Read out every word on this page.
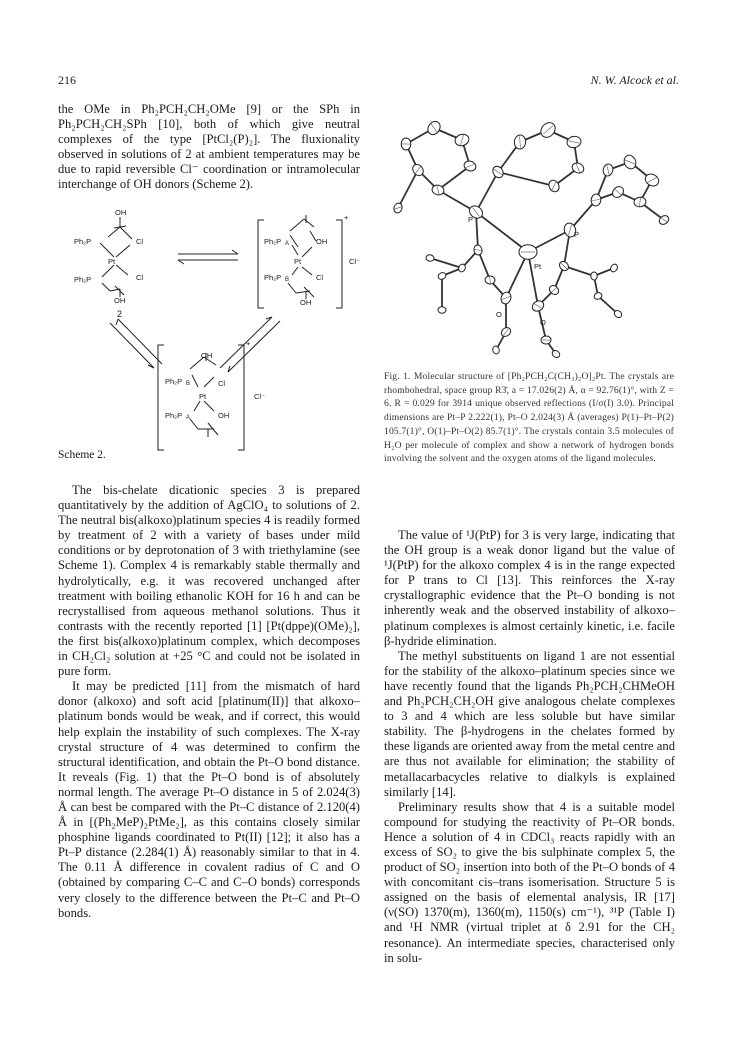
216	N. W. Alcock et al.

the OMe in Ph₂PCH₂CH₂OMe [9] or the SPh in Ph₂PCH₂CH₂SPh [10], both of which give neutral complexes of the type [PtCl₂(P)₂]. The fluxionality observed in solutions of 2 at ambient temperatures may be due to rapid reversible Cl⁻ coordination or intramolecular interchange of OH donors (Scheme 2).

OH
Ph₂P	Cl
Pt
Ph₂P	Cl
OH
2
+
Ph₂P A	OH
Pt	Cl⁻
Ph₂P B	Cl
OH
OH
+
Ph₂P B	Cl
Pt	Cl⁻
Ph₂P A	OH
Scheme 2.

The bis-chelate dicationic species 3 is prepared quantitatively by the addition of AgClO₄ to solutions of 2. The neutral bis(alkoxo)platinum species 4 is readily formed by treatment of 2 with a variety of bases under mild conditions or by deprotonation of 3 with triethylamine (see Scheme 1). Complex 4 is remarkably stable thermally and hydrolytically, e.g. it was recovered unchanged after treatment with boiling ethanolic KOH for 16 h and can be recrystallised from aqueous methanol solutions. Thus it contrasts with the recently reported [1] [Pt(dppe)(OMe)₂], the first bis(alkoxo)platinum complex, which decomposes in CH₂Cl₂ solution at +25 °C and could not be isolated in pure form.

It may be predicted [11] from the mismatch of hard donor (alkoxo) and soft acid [platinum(II)] that alkoxo–platinum bonds would be weak, and if correct, this would help explain the instability of such complexes. The X-ray crystal structure of 4 was determined to confirm the structural identification, and obtain the Pt–O bond distance. It reveals (Fig. 1) that the Pt–O bond is of absolutely normal length. The average Pt–O distance in 5 of 2.024(3) Å can best be compared with the Pt–C distance of 2.120(4) Å in [(Ph₂MeP)₂PtMe₂], as this contains closely similar phosphine ligands coordinated to Pt(II) [12]; it also has a Pt–P distance (2.284(1) Å) reasonably similar to that in 4. The 0.11 Å difference in covalent radius of C and O (obtained by comparing C–C and C–O bonds) corresponds very closely to the difference between the Pt–C and Pt–O bonds.

P
P
Pt
O
O
Fig. 1. Molecular structure of [Ph₂PCH₂C(CH₃)₂O]₂Pt. The crystals are rhombohedral, space group R3̄, a = 17.026(2) Å, α = 92.76(1)°, with Z = 6. R = 0.029 for 3914 unique observed reflections (I/σ(I) 3.0). Principal dimensions are Pt–P 2.222(1), Pt–O 2.024(3) Å (averages) P(1)–Pt–P(2) 105.7(1)°, O(1)–Pt–O(2) 85.7(1)°. The crystals contain 3.5 molecules of H₂O per molecule of complex and show a network of hydrogen bonds involving the solvent and the oxygen atoms of the ligand molecules.

The value of ¹J(PtP) for 3 is very large, indicating that the OH group is a weak donor ligand but the value of ¹J(PtP) for the alkoxo complex 4 is in the range expected for P trans to Cl [13]. This reinforces the X-ray crystallographic evidence that the Pt–O bonding is not inherently weak and the observed instability of alkoxo–platinum complexes is almost certainly kinetic, i.e. facile β-hydride elimination.

The methyl substituents on ligand 1 are not essential for the stability of the alkoxo–platinum species since we have recently found that the ligands Ph₂PCH₂CHMeOH and Ph₂PCH₂CH₂OH give analogous chelate complexes to 3 and 4 which are less soluble but have similar stability. The β-hydrogens in the chelates formed by these ligands are oriented away from the metal centre and are thus not available for elimination; the stability of metallacarbacycles relative to dialkyls is explained similarly [14].

Preliminary results show that 4 is a suitable model compound for studying the reactivity of Pt–OR bonds. Hence a solution of 4 in CDCl₃ reacts rapidly with an excess of SO₂ to give the bis sulphinate complex 5, the product of SO₂ insertion into both of the Pt–O bonds of 4 with concomitant cis–trans isomerisation. Structure 5 is assigned on the basis of elemental analysis, IR [17] (ν(SO) 1370(m), 1360(m), 1150(s) cm⁻¹), ³¹P (Table I) and ¹H NMR (virtual triplet at δ 2.91 for the CH₂ resonance). An intermediate species, characterised only in solu-
